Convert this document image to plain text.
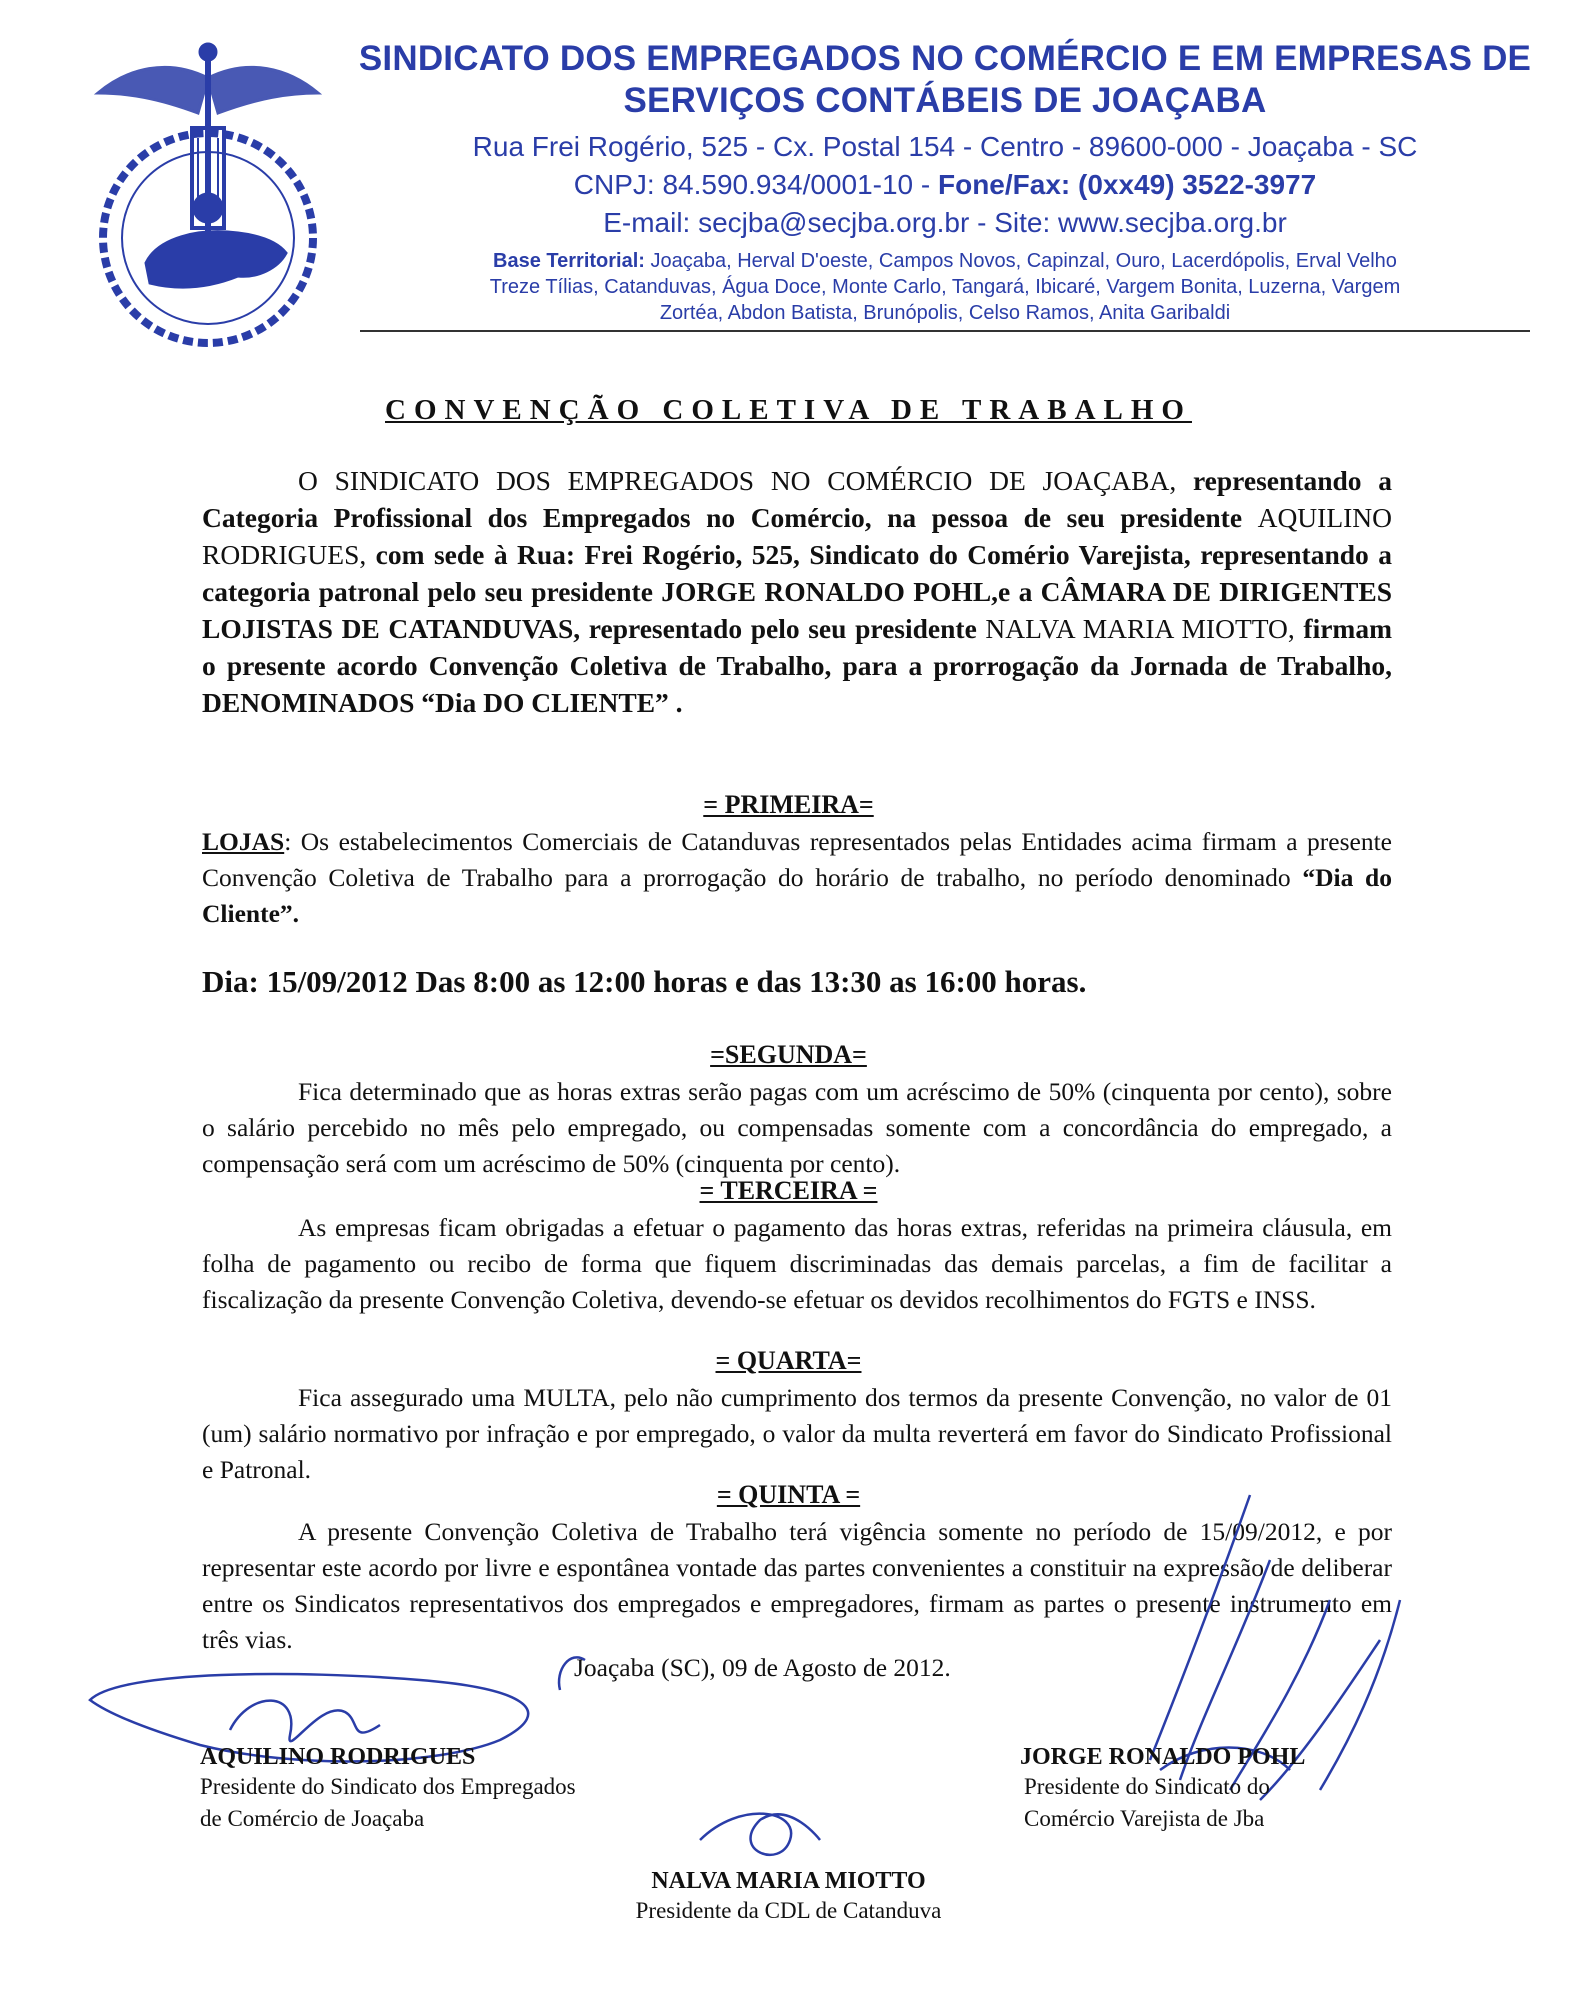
SINDICATO DOS EMPREGADOS NO COMÉRCIO E EM EMPRESAS DE
SERVIÇOS CONTÁBEIS DE JOAÇABA
Rua Frei Rogério, 525 - Cx. Postal 154 - Centro - 89600-000 - Joaçaba - SC
CNPJ: 84.590.934/0001-10 - Fone/Fax: (0xx49) 3522-3977
E-mail: secjba@secjba.org.br - Site: www.secjba.org.br
Base Territorial: Joaçaba, Herval D'oeste, Campos Novos, Capinzal, Ouro, Lacerdópolis, Erval Velho
Treze Tílias, Catanduvas, Água Doce, Monte Carlo, Tangará, Ibicaré, Vargem Bonita, Luzerna, Vargem
Zortéa, Abdon Batista, Brunópolis, Celso Ramos, Anita Garibaldi
CONVENÇÃO COLETIVA DE TRABALHO
O SINDICATO DOS EMPREGADOS NO COMÉRCIO DE JOAÇABA, representando a Categoria Profissional dos Empregados no Comércio, na pessoa de seu presidente AQUILINO RODRIGUES, com sede à Rua: Frei Rogério, 525, Sindicato do Comério Varejista, representando a categoria patronal pelo seu presidente JORGE RONALDO POHL,e a CÂMARA DE DIRIGENTES LOJISTAS DE CATANDUVAS, representado pelo seu presidente NALVA MARIA MIOTTO, firmam o presente acordo Convenção Coletiva de Trabalho, para a prorrogação da Jornada de Trabalho, DENOMINADOS “Dia DO CLIENTE” .
= PRIMEIRA=
LOJAS: Os estabelecimentos Comerciais de Catanduvas representados pelas Entidades acima firmam a presente Convenção Coletiva de Trabalho para a prorrogação do horário de trabalho, no período denominado “Dia do Cliente”.
Dia: 15/09/2012 Das 8:00 as 12:00 horas e das 13:30 as 16:00 horas.
=SEGUNDA=
Fica determinado que as horas extras serão pagas com um acréscimo de 50% (cinquenta por cento), sobre o salário percebido no mês pelo empregado, ou compensadas somente com a concordância do empregado, a compensação será com um acréscimo de 50% (cinquenta por cento).
= TERCEIRA =
As empresas ficam obrigadas a efetuar o pagamento das horas extras, referidas na primeira cláusula, em folha de pagamento ou recibo de forma que fiquem discriminadas das demais parcelas, a fim de facilitar a fiscalização da presente Convenção Coletiva, devendo-se efetuar os devidos recolhimentos do FGTS e INSS.
= QUARTA=
Fica assegurado uma MULTA, pelo não cumprimento dos termos da presente Convenção, no valor de 01 (um) salário normativo por infração e por empregado, o valor da multa reverterá em favor do Sindicato Profissional e Patronal.
= QUINTA =
A presente Convenção Coletiva de Trabalho terá vigência somente no período de 15/09/2012, e por representar este acordo por livre e espontânea vontade das partes convenientes a constituir na expressão de deliberar entre os Sindicatos representativos dos empregados e empregadores, firmam as partes o presente instrumento em três vias.
Joaçaba (SC), 09 de Agosto de 2012.
AQUILINO RODRIGUES
Presidente do Sindicato dos Empregados
de Comércio de Joaçaba
JORGE RONALDO POHL
Presidente do Sindicato do
Comércio Varejista de Jba
NALVA MARIA MIOTTO
Presidente da CDL de Catanduva
